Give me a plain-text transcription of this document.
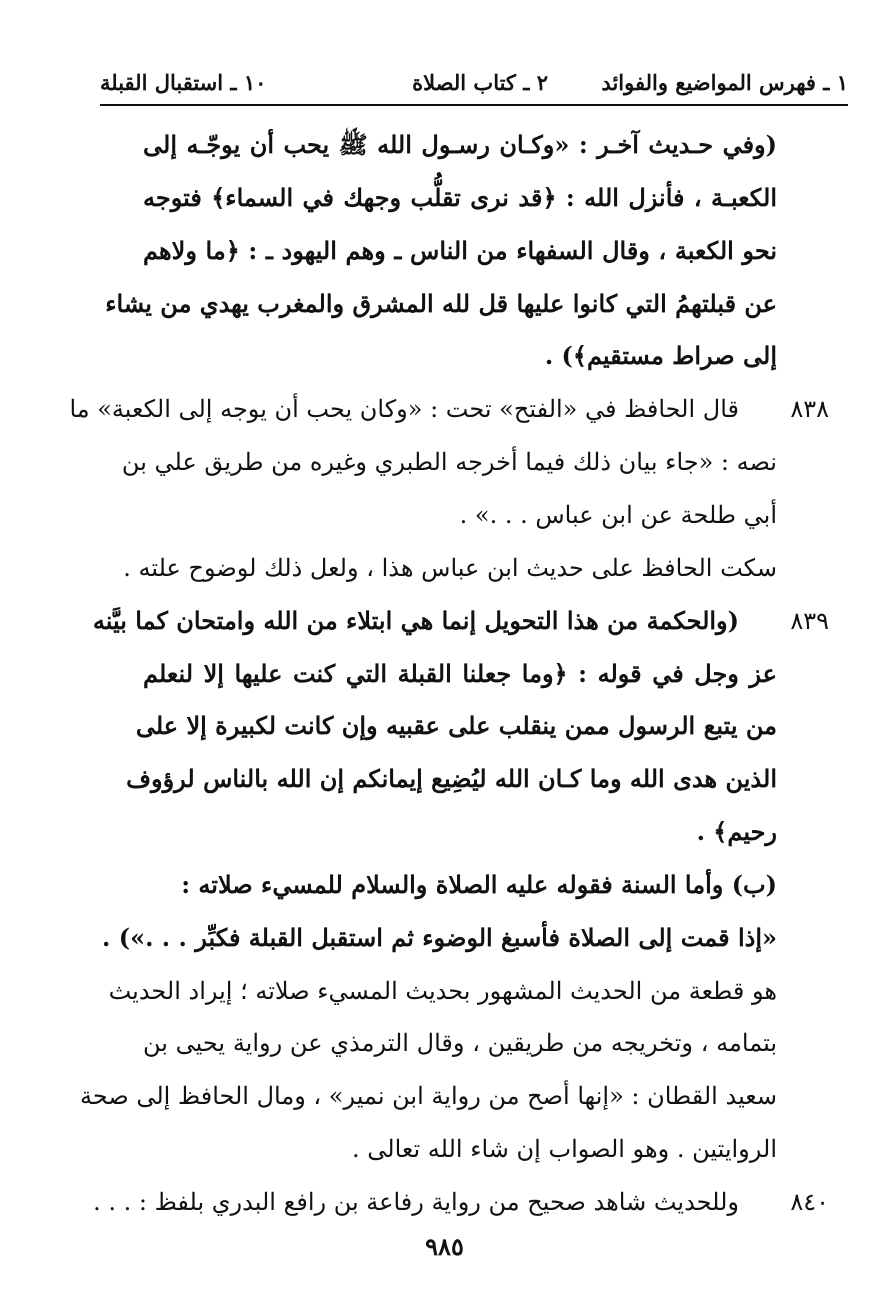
١ ـ فهرس المواضيع والفوائد
٢ ـ كتاب الصلاة
١٠ ـ استقبال القبلة
(وفي حـديث آخـر : «وكـان رسـول الله ﷺ يحب أن يوجّـه إلى
الكعبـة ، فأنزل الله : ﴿قد نرى تقلُّب وجهك في السماء﴾ فتوجه
نحو الكعبة ، وقال السفهاء من الناس ـ وهم اليهود ـ : ﴿ما ولاهم
عن قبلتهمُ التي كانوا عليها قل لله المشرق والمغرب يهدي من يشاء
إلى صراط مستقيم﴾) .
٨٣٨
قال الحافظ في «الفتح» تحت : «وكان يحب أن يوجه إلى الكعبة» ما
نصه : «جاء بيان ذلك فيما أخرجه الطبري وغيره من طريق علي بن
أبي طلحة عن ابن عباس . . .» .
سكت الحافظ على حديث ابن عباس هذا ، ولعل ذلك لوضوح علته .
٨٣٩
(والحكمة من هذا التحويل إنما هي ابتلاء من الله وامتحان كما بيَّنه
عز وجل في قوله : ﴿وما جعلنا القبلة التي كنت عليها إلا لنعلم
من يتبع الرسول ممن ينقلب على عقبيه وإن كانت لكبيرة إلا على
الذين هدى الله وما كـان الله ليُضِيع إيمانكم إن الله بالناس لرؤوف
رحيم﴾ .
(ب) وأما السنة فقوله عليه الصلاة والسلام للمسيء صلاته :
«إذا قمت إلى الصلاة فأسبغ الوضوء ثم استقبل القبلة فكبِّر . . .») .
هو قطعة من الحديث المشهور بحديث المسيء صلاته ؛ إيراد الحديث
بتمامه ، وتخريجه من طريقين ، وقال الترمذي عن رواية يحيى بن
سعيد القطان : «إنها أصح من رواية ابن نمير» ، ومال الحافظ إلى صحة
الروايتين . وهو الصواب إن شاء الله تعالى .
٨٤٠
وللحديث شاهد صحيح من رواية رفاعة بن رافع البدري بلفظ : . . .
٩٨٥
